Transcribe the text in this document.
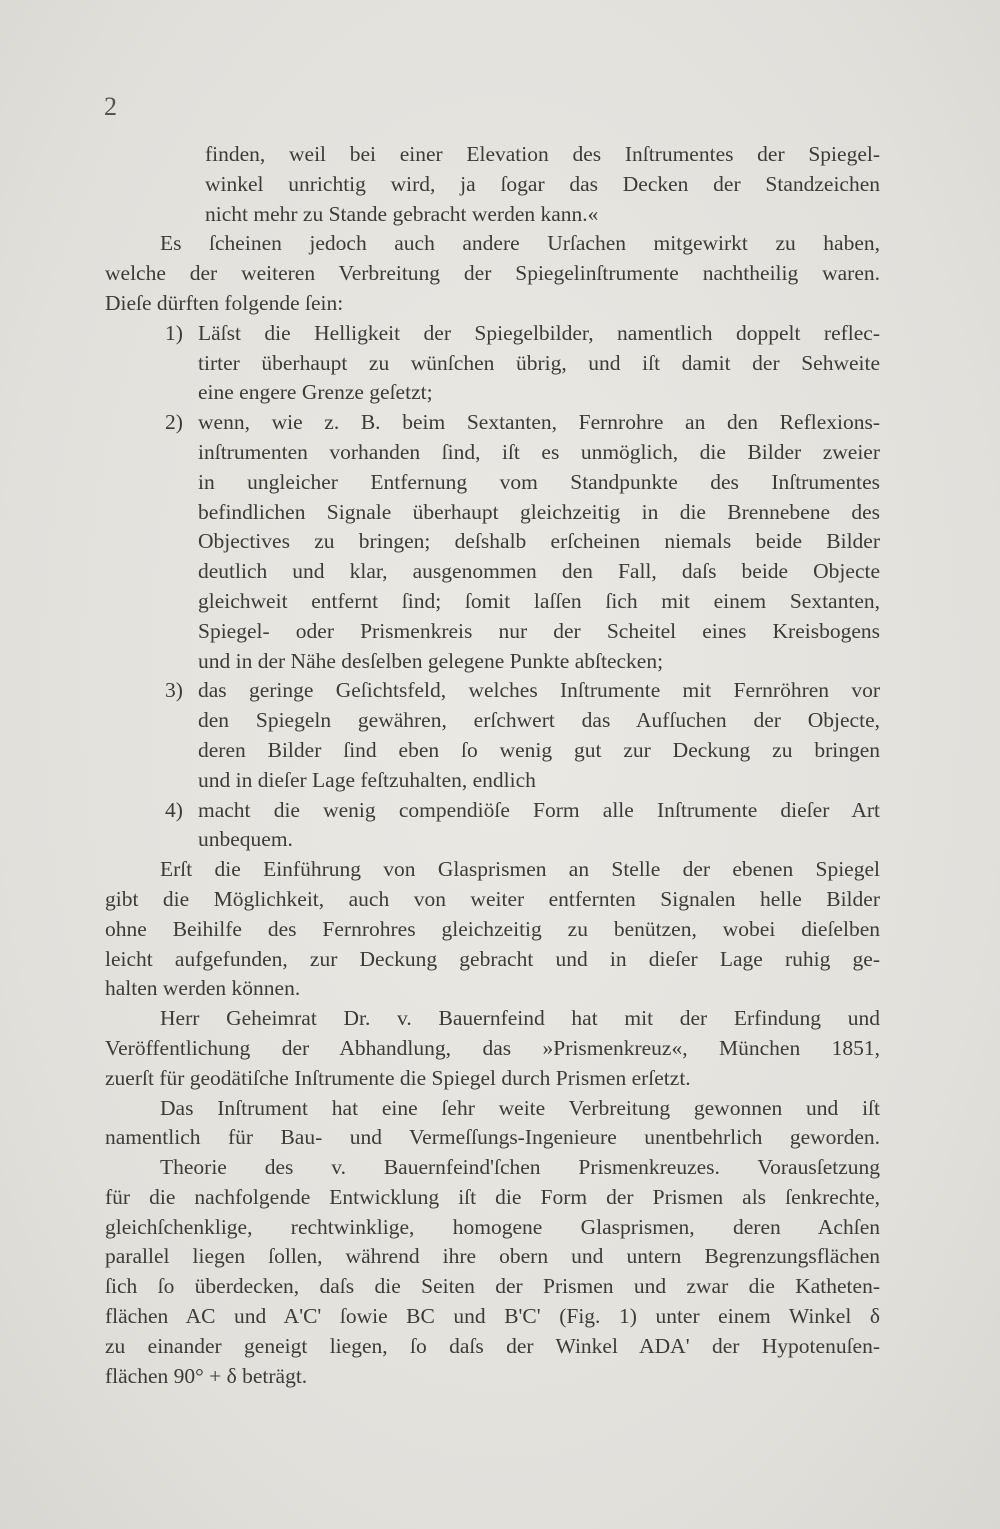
2
finden, weil bei einer Elevation des Inſtrumentes der Spiegel-
winkel unrichtig wird, ja ſogar das Decken der Standzeichen
nicht mehr zu Stande gebracht werden kann.«
Es ſcheinen jedoch auch andere Urſachen mitgewirkt zu haben,
welche der weiteren Verbreitung der Spiegelinſtrumente nachtheilig waren.
Dieſe dürften folgende ſein:
1) Läſst die Helligkeit der Spiegelbilder, namentlich doppelt reflec-
tirter überhaupt zu wünſchen übrig, und iſt damit der Sehweite
eine engere Grenze geſetzt;
2) wenn, wie z. B. beim Sextanten, Fernrohre an den Reflexions-
inſtrumenten vorhanden ſind, iſt es unmöglich, die Bilder zweier
in ungleicher Entfernung vom Standpunkte des Inſtrumentes
befindlichen Signale überhaupt gleichzeitig in die Brennebene des
Objectives zu bringen; deſshalb erſcheinen niemals beide Bilder
deutlich und klar, ausgenommen den Fall, daſs beide Objecte
gleichweit entfernt ſind; ſomit laſſen ſich mit einem Sextanten,
Spiegel- oder Prismenkreis nur der Scheitel eines Kreisbogens
und in der Nähe desſelben gelegene Punkte abſtecken;
3) das geringe Geſichtsfeld, welches Inſtrumente mit Fernröhren vor
den Spiegeln gewähren, erſchwert das Aufſuchen der Objecte,
deren Bilder ſind eben ſo wenig gut zur Deckung zu bringen
und in dieſer Lage feſtzuhalten, endlich
4) macht die wenig compendiöſe Form alle Inſtrumente dieſer Art
unbequem.
Erſt die Einführung von Glasprismen an Stelle der ebenen Spiegel
gibt die Möglichkeit, auch von weiter entfernten Signalen helle Bilder
ohne Beihilfe des Fernrohres gleichzeitig zu benützen, wobei dieſelben
leicht aufgefunden, zur Deckung gebracht und in dieſer Lage ruhig ge-
halten werden können.
Herr Geheimrat Dr. v. Bauernfeind hat mit der Erfindung und
Veröffentlichung der Abhandlung, das »Prismenkreuz«, München 1851,
zuerſt für geodätiſche Inſtrumente die Spiegel durch Prismen erſetzt.
Das Inſtrument hat eine ſehr weite Verbreitung gewonnen und iſt
namentlich für Bau- und Vermeſſungs-Ingenieure unentbehrlich geworden.
Theorie des v. Bauernfeind'ſchen Prismenkreuzes. Vorausſetzung
für die nachfolgende Entwicklung iſt die Form der Prismen als ſenkrechte,
gleichſchenklige, rechtwinklige, homogene Glasprismen, deren Achſen
parallel liegen ſollen, während ihre obern und untern Begrenzungsflächen
ſich ſo überdecken, daſs die Seiten der Prismen und zwar die Katheten-
flächen AC und A'C' ſowie BC und B'C' (Fig. 1) unter einem Winkel δ
zu einander geneigt liegen, ſo daſs der Winkel ADA' der Hypotenuſen-
flächen 90° + δ beträgt.
